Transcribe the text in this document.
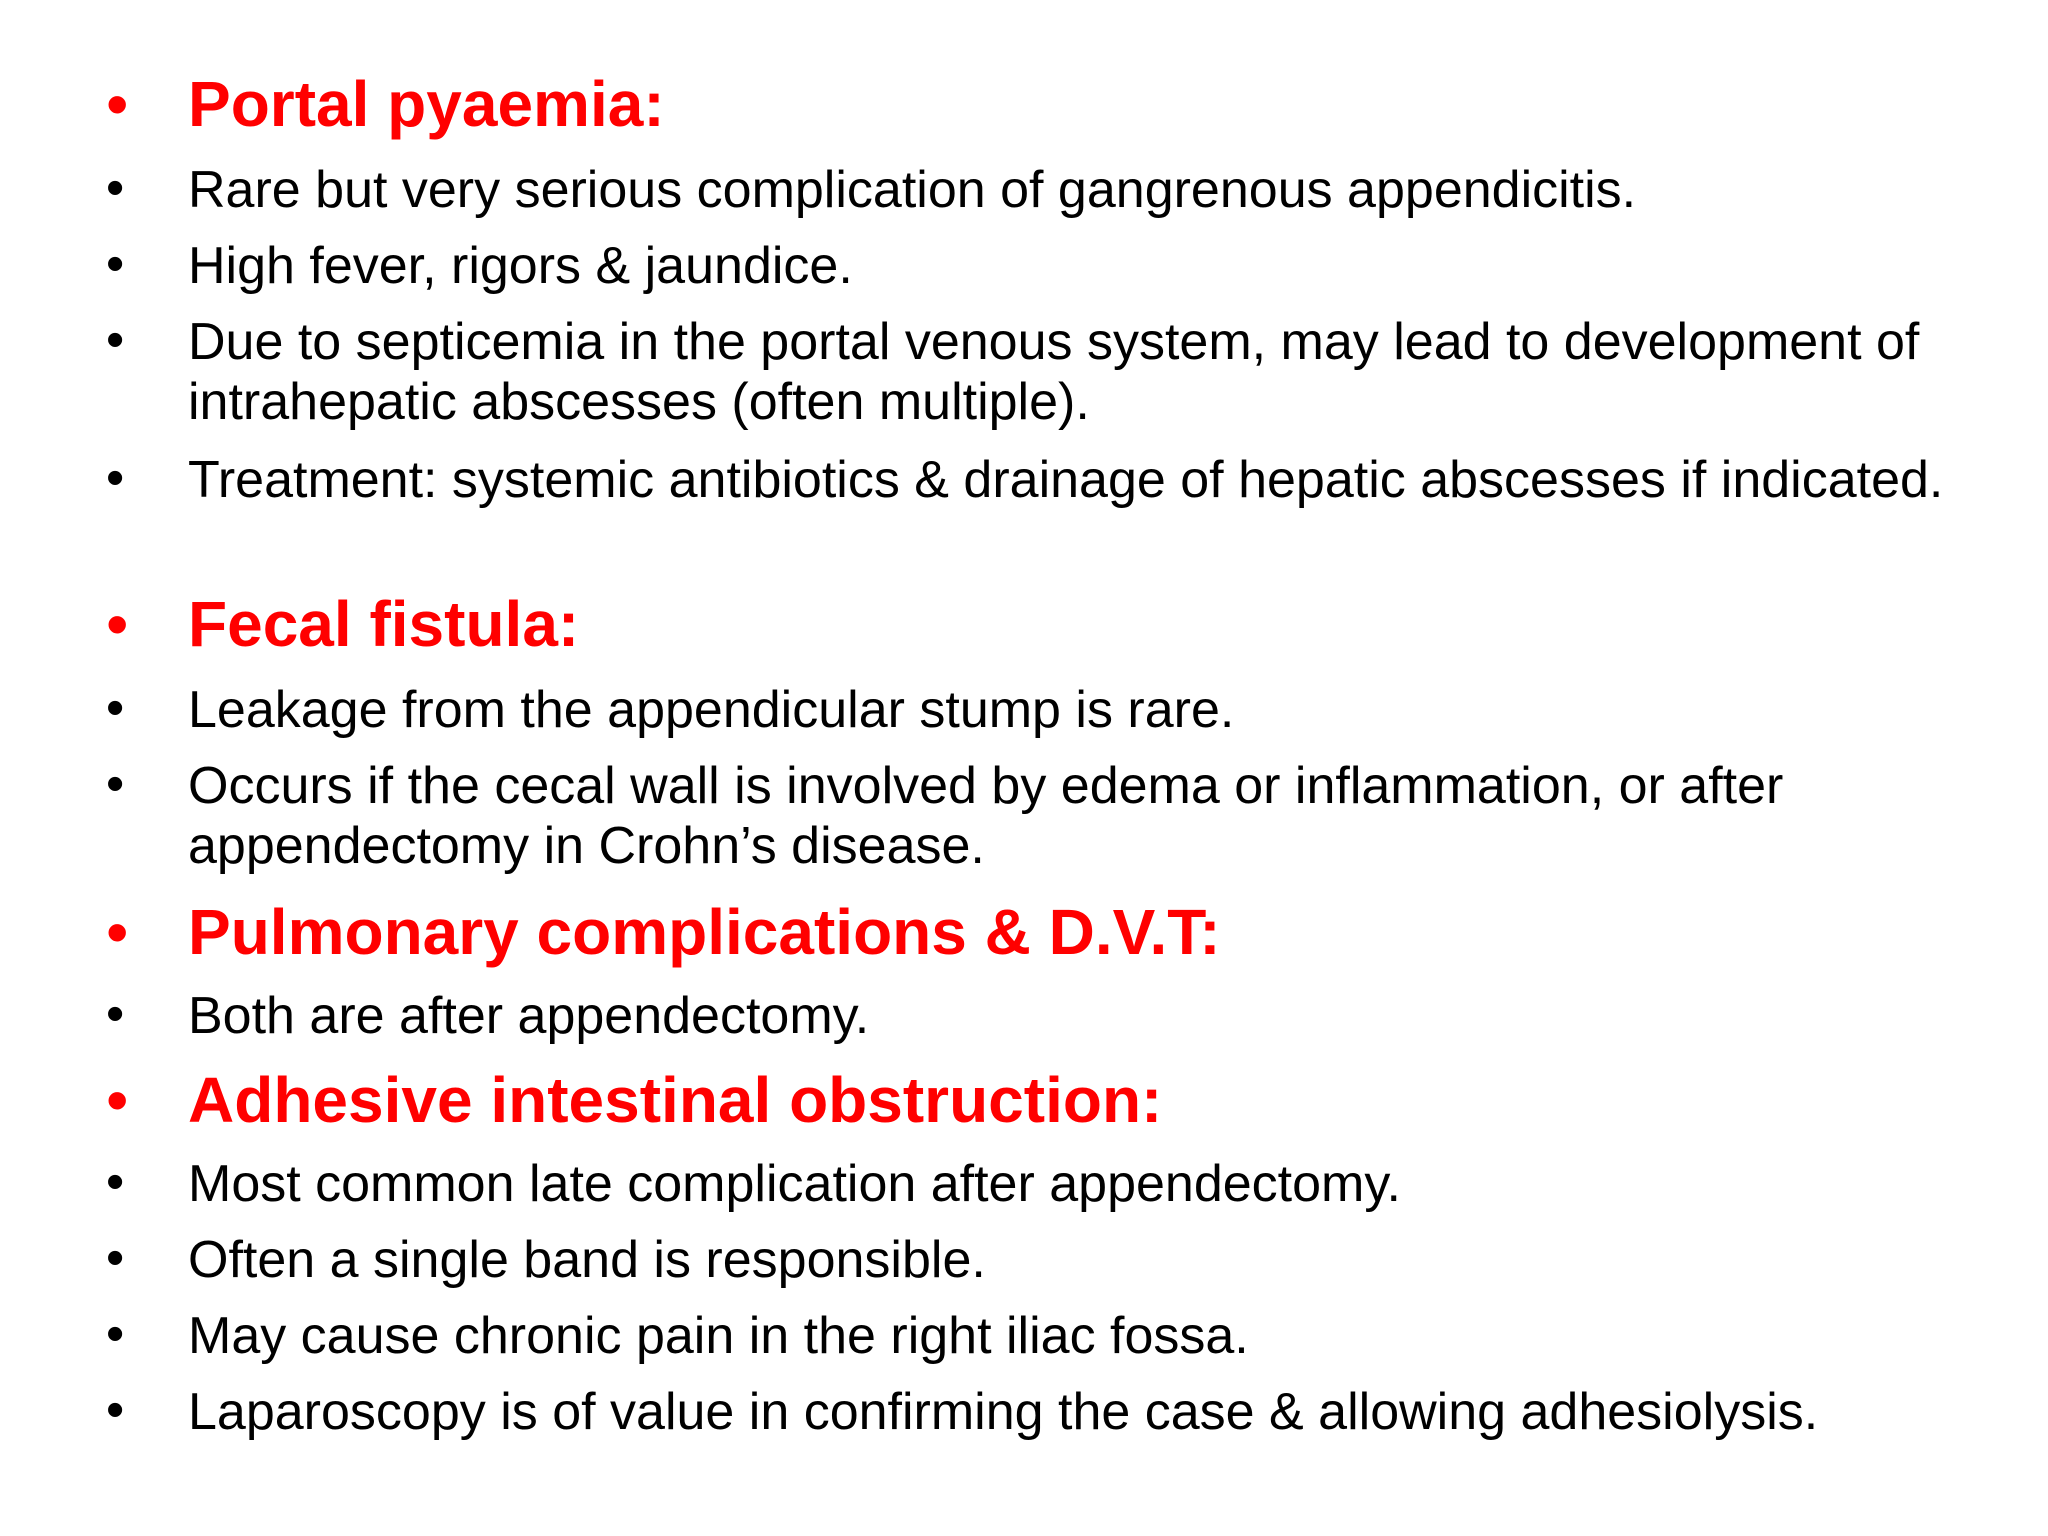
• Portal pyaemia:
•	Rare but very serious complication of gangrenous appendicitis.
•	High fever, rigors & jaundice.
•	Due to septicemia in the portal venous system, may lead to development of intrahepatic abscesses (often multiple).
•	Treatment: systemic antibiotics & drainage of hepatic abscesses if indicated.
• Fecal fistula:
•	Leakage from the appendicular stump is rare.
•	Occurs if the cecal wall is involved by edema or inflammation, or after appendectomy in Crohn’s disease.
• Pulmonary complications & D.V.T:
•	Both are after appendectomy.
• Adhesive intestinal obstruction:
•	Most common late complication after appendectomy.
•	Often a single band is responsible.
•	May cause chronic pain in the right iliac fossa.
•	Laparoscopy is of value in confirming the case & allowing adhesiolysis.
